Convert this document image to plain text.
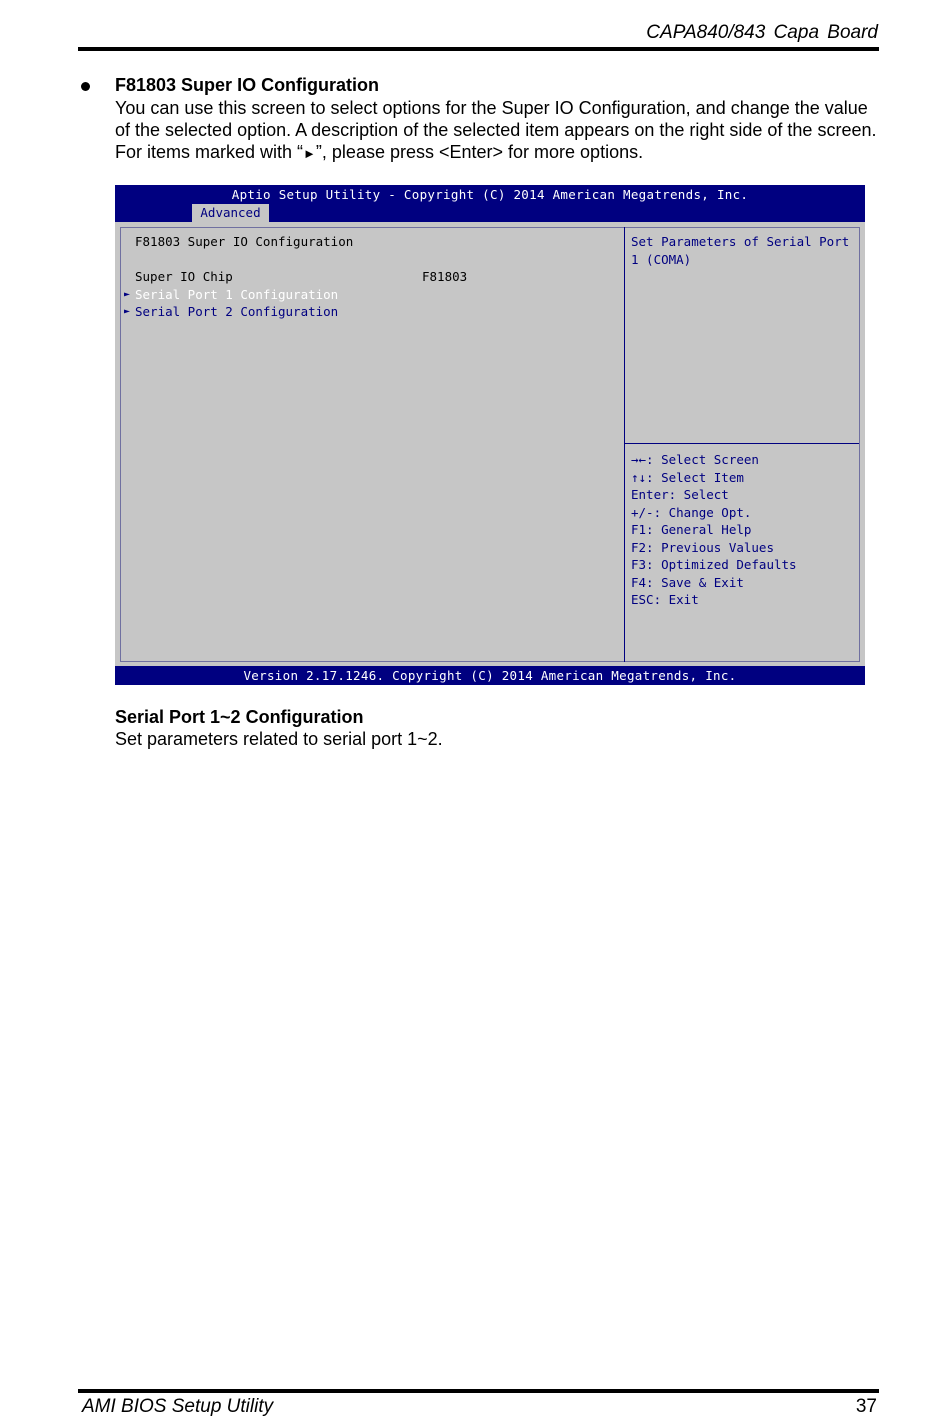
CAPA840/843 Capa Board
F81803 Super IO Configuration
You can use this screen to select options for the Super IO Configuration, and change the value of the selected option. A description of the selected item appears on the right side of the screen. For items marked with “►”, please press <Enter> for more options.
Aptio Setup Utility - Copyright (C) 2014 American Megatrends, Inc.
Advanced
F81803 Super IO Configuration
Super IO Chip	F81803
► Serial Port 1 Configuration
► Serial Port 2 Configuration
Set Parameters of Serial Port
1 (COMA)
→←: Select Screen
↑↓: Select Item
Enter: Select
+/-: Change Opt.
F1: General Help
F2: Previous Values
F3: Optimized Defaults
F4: Save & Exit
ESC: Exit
Version 2.17.1246. Copyright (C) 2014 American Megatrends, Inc.
Serial Port 1~2 Configuration
Set parameters related to serial port 1~2.
AMI BIOS Setup Utility	37
